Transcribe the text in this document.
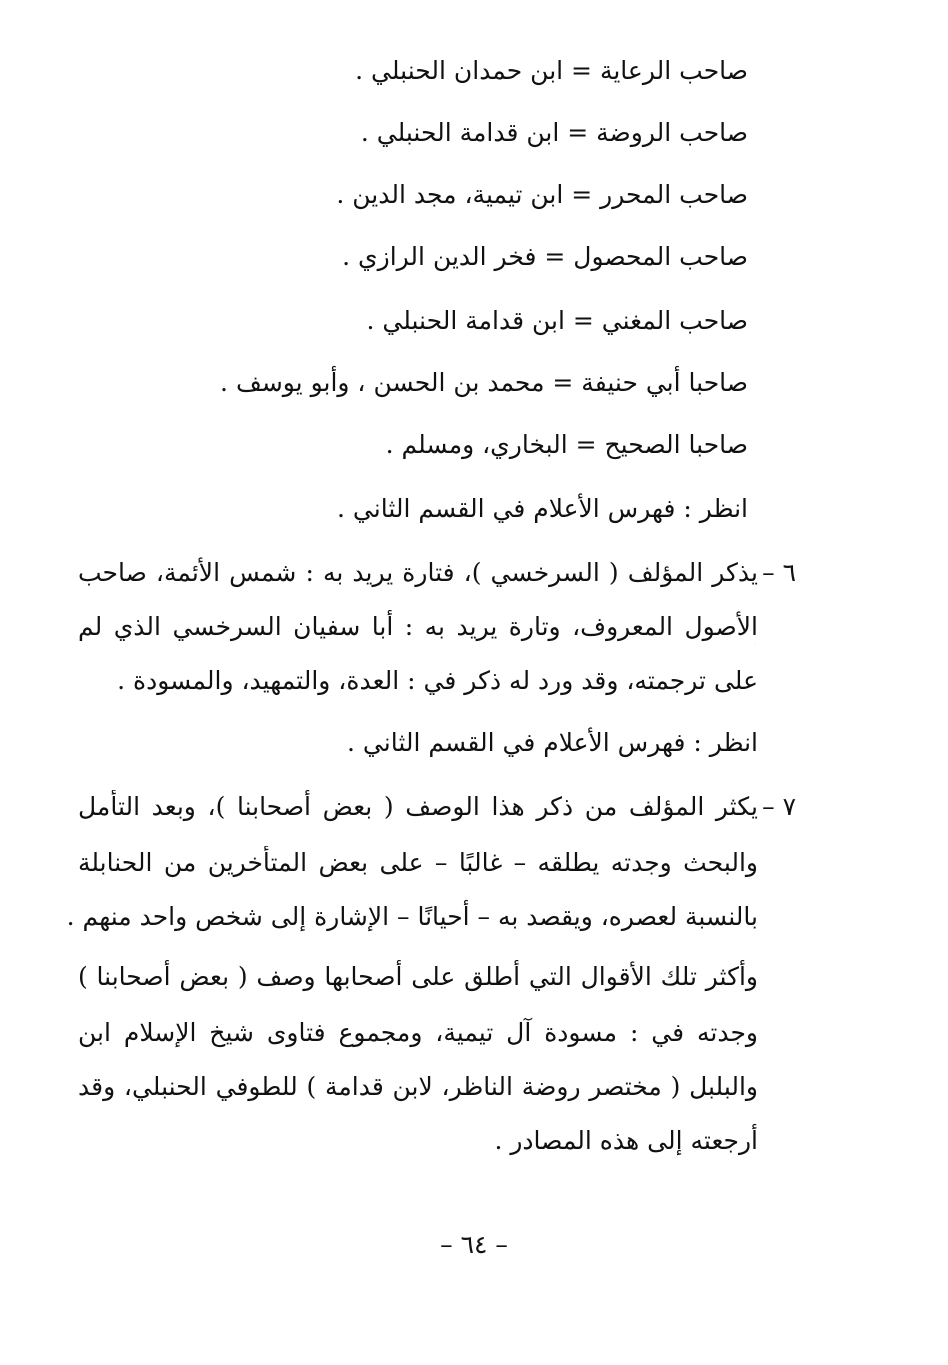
صاحب الرعاية = ابن حمدان الحنبلي .
صاحب الروضة = ابن قدامة الحنبلي .
صاحب المحرر = ابن تيمية، مجد الدين .
صاحب المحصول = فخر الدين الرازي .
صاحب المغني = ابن قدامة الحنبلي .
صاحبا أبي حنيفة = محمد بن الحسن ، وأبو يوسف .
صاحبا الصحيح = البخاري، ومسلم .
انظر : فهرس الأعلام في القسم الثاني .
٦ –
يذكر المؤلف ( السرخسي )، فتارة يريد به : شمس الأئمة، صاحب
الأصول المعروف، وتارة يريد به : أبا سفيان السرخسي الذي لم
على ترجمته، وقد ورد له ذكر في : العدة، والتمهيد، والمسودة .
انظر : فهرس الأعلام في القسم الثاني .
٧ –
يكثر المؤلف من ذكر هذا الوصف ( بعض أصحابنا )، وبعد التأمل
والبحث وجدته يطلقه – غالبًا – على بعض المتأخرين من الحنابلة
بالنسبة لعصره، ويقصد به – أحيانًا – الإشارة إلى شخص واحد منهم .
وأكثر تلك الأقوال التي أطلق على أصحابها وصف ( بعض أصحابنا )
وجدته في : مسودة آل تيمية، ومجموع فتاوى شيخ الإسلام ابن
والبلبل ( مختصر روضة الناظر، لابن قدامة ) للطوفي الحنبلي، وقد
أرجعته إلى هذه المصادر .
– ٦٤ –
